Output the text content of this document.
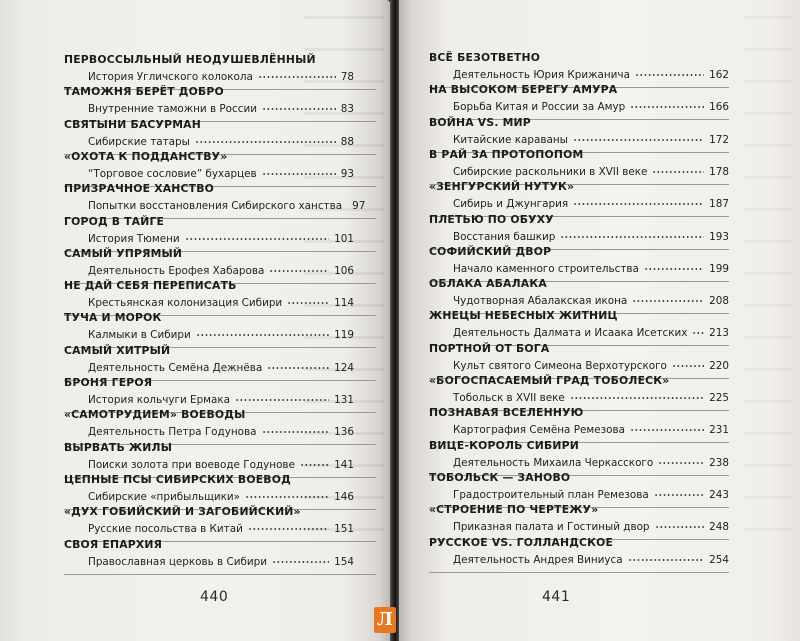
ПЕРВОССЫЛЬНЫЙ НЕОДУШЕВЛЁННЫЙ
История Угличского колокола	78
ТАМОЖНЯ БЕРЁТ ДОБРО
Внутренние таможни в России	83
СВЯТЫНИ БАСУРМАН
Сибирские татары	88
«ОХОТА К ПОДДАНСТВУ»
“Торговое сословие” бухарцев	93
ПРИЗРАЧНОЕ ХАНСТВО
Попытки восстановления Сибирского ханства 97
ГОРОД В ТАЙГЕ
История Тюмени	101
САМЫЙ УПРЯМЫЙ
Деятельность Ерофея Хабарова	106
НЕ ДАЙ СЕБЯ ПЕРЕПИСАТЬ
Крестьянская колонизация Сибири	114
ТУЧА И МОРОК
Калмыки в Сибири	119
САМЫЙ ХИТРЫЙ
Деятельность Семёна Дежнёва	124
БРОНЯ ГЕРОЯ
История кольчуги Ермака	131
«САМОТРУДИЕМ» ВОЕВОДЫ
Деятельность Петра Годунова	136
ВЫРВАТЬ ЖИЛЫ
Поиски золота при воеводе Годунове	141
ЦЕПНЫЕ ПСЫ СИБИРСКИХ ВОЕВОД
Сибирские «прибыльщики»	146
«ДУХ ГОБИЙСКИЙ И ЗАГОБИЙСКИЙ»
Русские посольства в Китай	151
СВОЯ ЕПАРХИЯ
Православная церковь в Сибири	154
440
ВСЁ БЕЗОТВЕТНО
Деятельность Юрия Крижанича	162
НА ВЫСОКОМ БЕРЕГУ АМУРА
Борьба Китая и России за Амур	166
ВОЙНА VS. МИР
Китайские караваны	172
В РАЙ ЗА ПРОТОПОПОМ
Сибирские раскольники в XVII веке	178
«ЗЕНГУРСКИЙ НУТУК»
Сибирь и Джунгария	187
ПЛЕТЬЮ ПО ОБУХУ
Восстания башкир	193
СОФИЙСКИЙ ДВОР
Начало каменного строительства	199
ОБЛАКА АБАЛАКА
Чудотворная Абалакская икона	208
ЖНЕЦЫ НЕБЕСНЫХ ЖИТНИЦ
Деятельность Далмата и Исаака Исетских 213
ПОРТНОЙ ОТ БОГА
Культ святого Симеона Верхотурского	220
«БОГОСПАСАЕМЫЙ ГРАД ТОБОЛЕСК»
Тобольск в XVII веке	225
ПОЗНАВАЯ ВСЕЛЕННУЮ
Картография Семёна Ремезова	231
ВИЦЕ-КОРОЛЬ СИБИРИ
Деятельность Михаила Черкасского	238
ТОБОЛЬСК — ЗАНОВО
Градостроительный план Ремезова	243
«СТРОЕНИЕ ПО ЧЕРТЕЖУ»
Приказная палата и Гостиный двор	248
РУССКОЕ VS. ГОЛЛАНДСКОЕ
Деятельность Андрея Виниуса	254
441
Л
